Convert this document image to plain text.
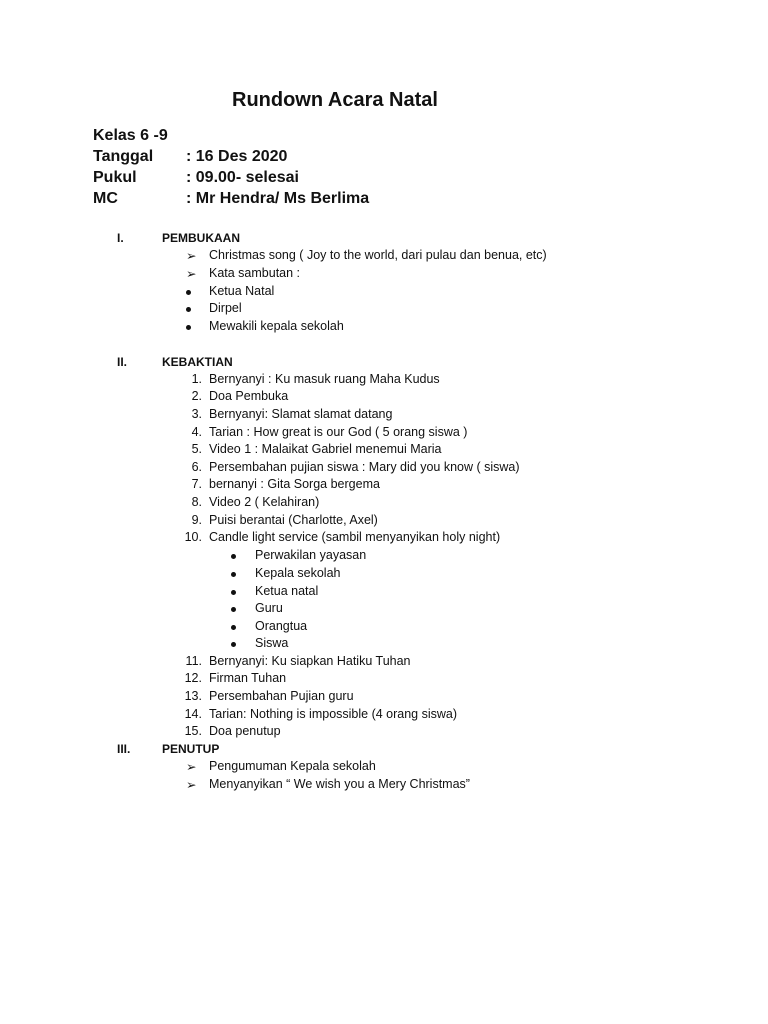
Rundown Acara Natal
Kelas 6 -9
Tanggal : 16 Des 2020
Pukul	: 09.00- selesai
MC	: Mr Hendra/ Ms Berlima
I.	PEMBUKAAN
➢ Christmas song ( Joy to the world, dari pulau dan benua, etc)
➢ Kata sambutan :
Ketua Natal
Dirpel
Mewakili kepala sekolah
II.	KEBAKTIAN
1. Bernyanyi : Ku masuk ruang Maha Kudus
2. Doa Pembuka
3. Bernyanyi: Slamat slamat datang
4. Tarian : How great is our God ( 5 orang siswa )
5. Video 1 : Malaikat Gabriel menemui Maria
6. Persembahan pujian siswa : Mary did you know ( siswa)
7. bernanyi : Gita Sorga bergema
8. Video 2 ( Kelahiran)
9. Puisi berantai (Charlotte, Axel)
10. Candle light service (sambil menyanyikan holy night)
Perwakilan yayasan
Kepala sekolah
Ketua natal
Guru
Orangtua
Siswa
11. Bernyanyi: Ku siapkan Hatiku Tuhan
12. Firman Tuhan
13. Persembahan Pujian guru
14. Tarian: Nothing is impossible (4 orang siswa)
15. Doa penutup
III.	PENUTUP
➢ Pengumuman Kepala sekolah
➢ Menyanyikan “ We wish you a Mery Christmas”
